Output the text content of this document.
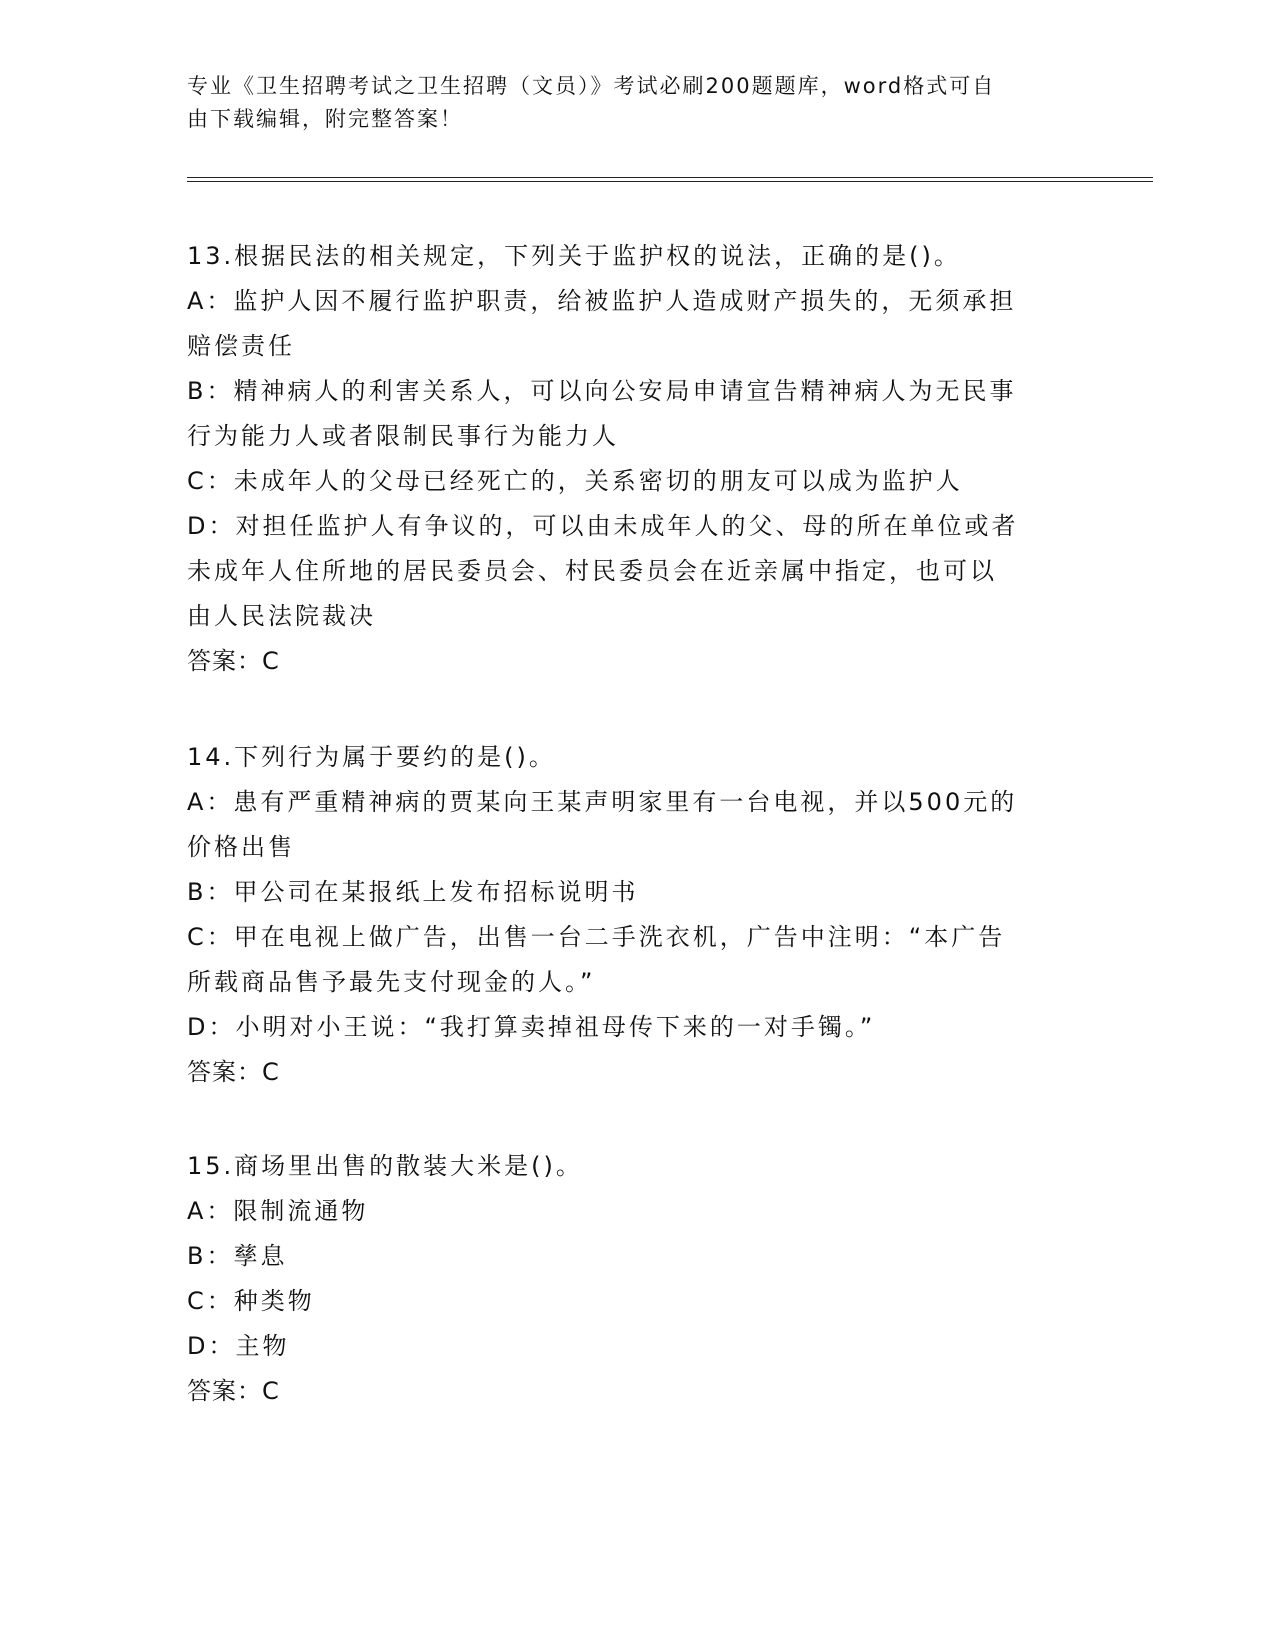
专业《卫生招聘考试之卫生招聘（文员）》考试必刷200题题库，word格式可自
由下载编辑，附完整答案！
13.根据民法的相关规定，下列关于监护权的说法，正确的是()。
A：监护人因不履行监护职责，给被监护人造成财产损失的，无须承担
赔偿责任
B：精神病人的利害关系人，可以向公安局申请宣告精神病人为无民事
行为能力人或者限制民事行为能力人
C：未成年人的父母已经死亡的，关系密切的朋友可以成为监护人
D：对担任监护人有争议的，可以由未成年人的父、母的所在单位或者
未成年人住所地的居民委员会、村民委员会在近亲属中指定，也可以
由人民法院裁决
答案：C
14.下列行为属于要约的是()。
A：患有严重精神病的贾某向王某声明家里有一台电视，并以500元的
价格出售
B：甲公司在某报纸上发布招标说明书
C：甲在电视上做广告，出售一台二手洗衣机，广告中注明：“本广告
所载商品售予最先支付现金的人。”
D：小明对小王说：“我打算卖掉祖母传下来的一对手镯。”
答案：C
15.商场里出售的散装大米是()。
A：限制流通物
B：孳息
C：种类物
D：主物
答案：C
